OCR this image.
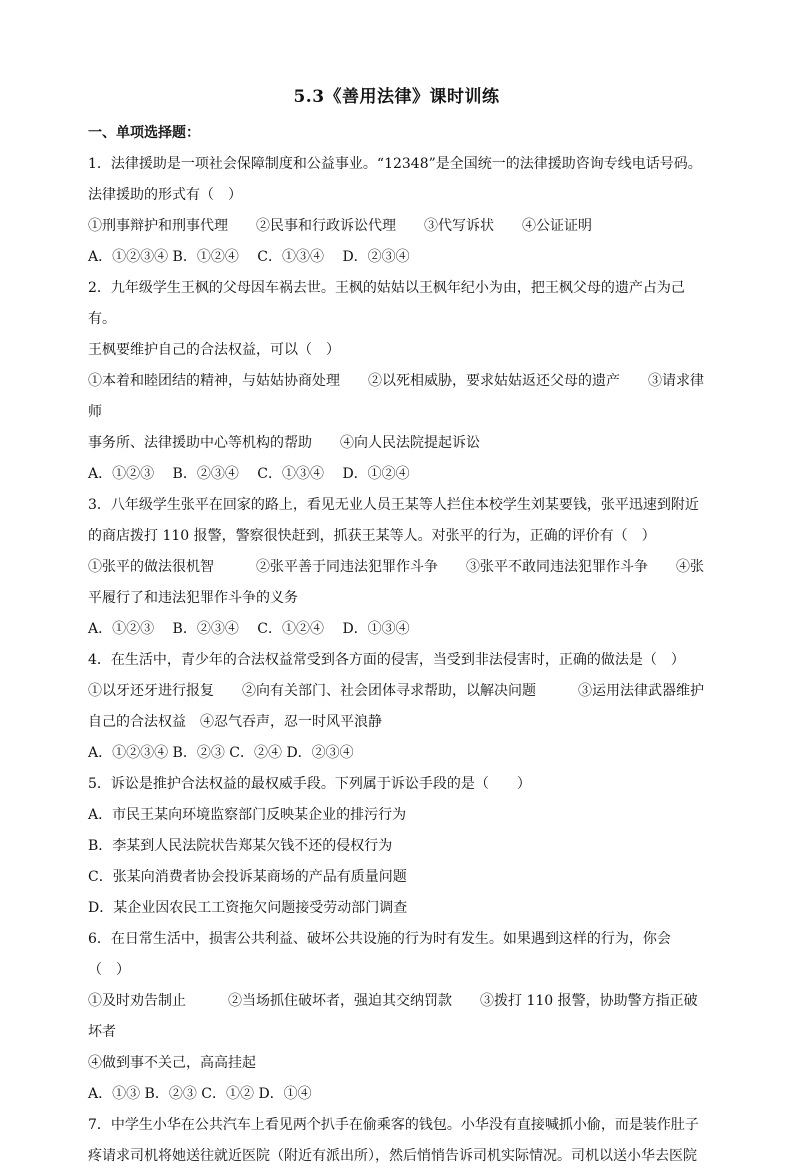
5.3《善用法律》课时训练

一、单项选择题：

1．法律援助是一项社会保障制度和公益事业。“12348”是全国统一的法律援助咨询专线电话号码。

法律援助的形式有（　）

①刑事辩护和刑事代理　　②民事和行政诉讼代理　　③代写诉状　　④公证证明

A．①②③④ B．①②④　 C．①③④　 D．②③④

2．九年级学生王枫的父母因车祸去世。王枫的姑姑以王枫年纪小为由，把王枫父母的遗产占为己有。

王枫要维护自己的合法权益，可以（　）

①本着和睦团结的精神，与姑姑协商处理　　②以死相威胁，要求姑姑返还父母的遗产　　③请求律师

事务所、法律援助中心等机构的帮助　　④向人民法院提起诉讼

A．①②③　 B．②③④　 C．①③④　 D．①②④

3．八年级学生张平在回家的路上，看见无业人员王某等人拦住本校学生刘某要钱，张平迅速到附近

的商店拨打 110 报警，警察很快赶到，抓获王某等人。对张平的行为，正确的评价有（　）

①张平的做法很机智　　　②张平善于同违法犯罪作斗争　　③张平不敢同违法犯罪作斗争　　④张

平履行了和违法犯罪作斗争的义务

A．①②③　 B．②③④　 C．①②④　 D．①③④

4．在生活中，青少年的合法权益常受到各方面的侵害，当受到非法侵害时，正确的做法是（　）

①以牙还牙进行报复　　②向有关部门、社会团体寻求帮助，以解决问题　　　③运用法律武器维护

自己的合法权益　④忍气吞声，忍一时风平浪静

A．①②③④ B．②③ C．②④ D．②③④

5．诉讼是推护合法权益的最权威手段。下列属于诉讼手段的是（　　）

A．市民王某向环境监察部门反映某企业的排污行为

B．李某到人民法院状告郑某欠钱不还的侵权行为

C．张某向消费者协会投诉某商场的产品有质量问题

D．某企业因农民工工资拖欠问题接受劳动部门调查

6．在日常生活中，损害公共利益、破坏公共设施的行为时有发生。如果遇到这样的行为，你会（　）

①及时劝告制止　　　②当场抓住破坏者，强迫其交纳罚款　　③拨打 110 报警，协助警方指正破坏者

④做到事不关己，高高挂起

A．①③ B．②③ C．①② D．①④

7．中学生小华在公共汽车上看见两个扒手在偷乘客的钱包。小华没有直接喊抓小偷，而是装作肚子

疼请求司机将她送往就近医院（附近有派出所），然后悄悄告诉司机实际情况。司机以送小华去医院
